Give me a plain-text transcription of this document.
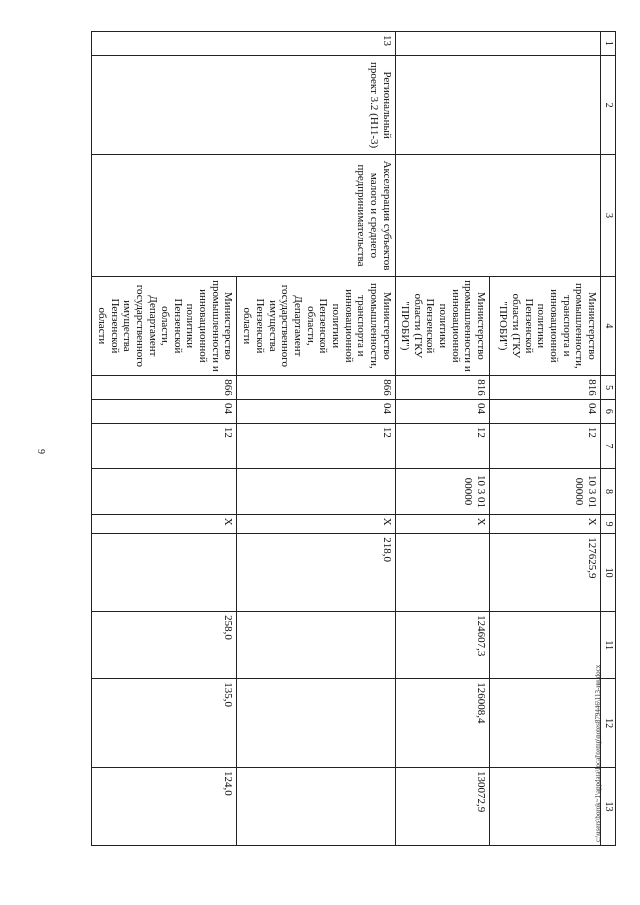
9
1	2	3	4	5	6	7	8	9	10	11	12	13
			Министерство промышленности, транспорта и инновационной политики Пензенской области (ГКУ "ПРОБИ")	816	04	12	10 3 01 00000	X	127625,9			
			Министерство промышленности и инновационной политики Пензенской области (ГКУ "ПРОБИ")	816	04	12	10 3 01 00000	X		124607,3	126008,4	130072,9
13	Региональный проект 3.2 (Н11-3)	Акселерация субъектов малого и среднего предпринимательства	Министерство промышленности, транспорта и инновационной политики Пензенской области, Департамент государственного имущества Пензенской области	866	04	12		X	218,0			
			Министерство промышленности и инновационной политики Пензенской области, Департамент государственного имущества Пензенской области	866	04	12		X		258,0	135,0	124,0	c:\users\borok~1\appdata\local\temp\notes879446\113-ии.docx
